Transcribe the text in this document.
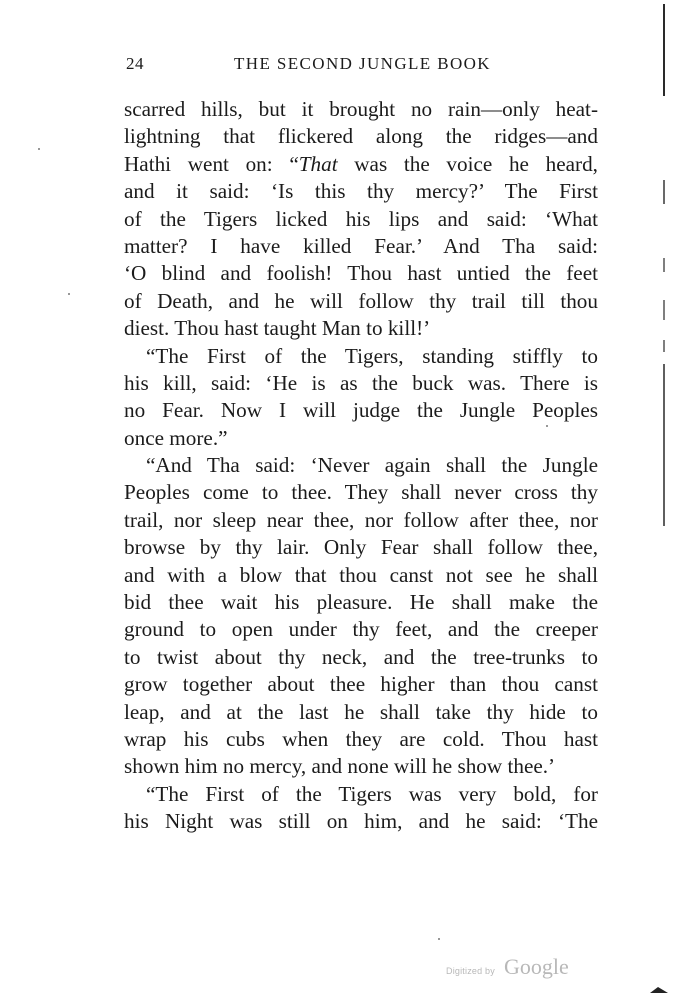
24	THE SECOND JUNGLE BOOK
scarred hills, but it brought no rain—only heat-
lightning that flickered along the ridges—and
Hathi went on: “That was the voice he heard,
and it said: ‘Is this thy mercy?’ The First
of the Tigers licked his lips and said: ‘What
matter? I have killed Fear.’ And Tha said:
‘O blind and foolish! Thou hast untied the feet
of Death, and he will follow thy trail till thou
diest. Thou hast taught Man to kill!’
“The First of the Tigers, standing stiffly to
his kill, said: ‘He is as the buck was. There is
no Fear. Now I will judge the Jungle Peoples
once more.”
“And Tha said: ‘Never again shall the Jungle
Peoples come to thee. They shall never cross thy
trail, nor sleep near thee, nor follow after thee, nor
browse by thy lair. Only Fear shall follow thee,
and with a blow that thou canst not see he shall
bid thee wait his pleasure. He shall make the
ground to open under thy feet, and the creeper
to twist about thy neck, and the tree-trunks to
grow together about thee higher than thou canst
leap, and at the last he shall take thy hide to
wrap his cubs when they are cold. Thou hast
shown him no mercy, and none will he show thee.’
“The First of the Tigers was very bold, for
his Night was still on him, and he said: ‘The
Digitized by Google
